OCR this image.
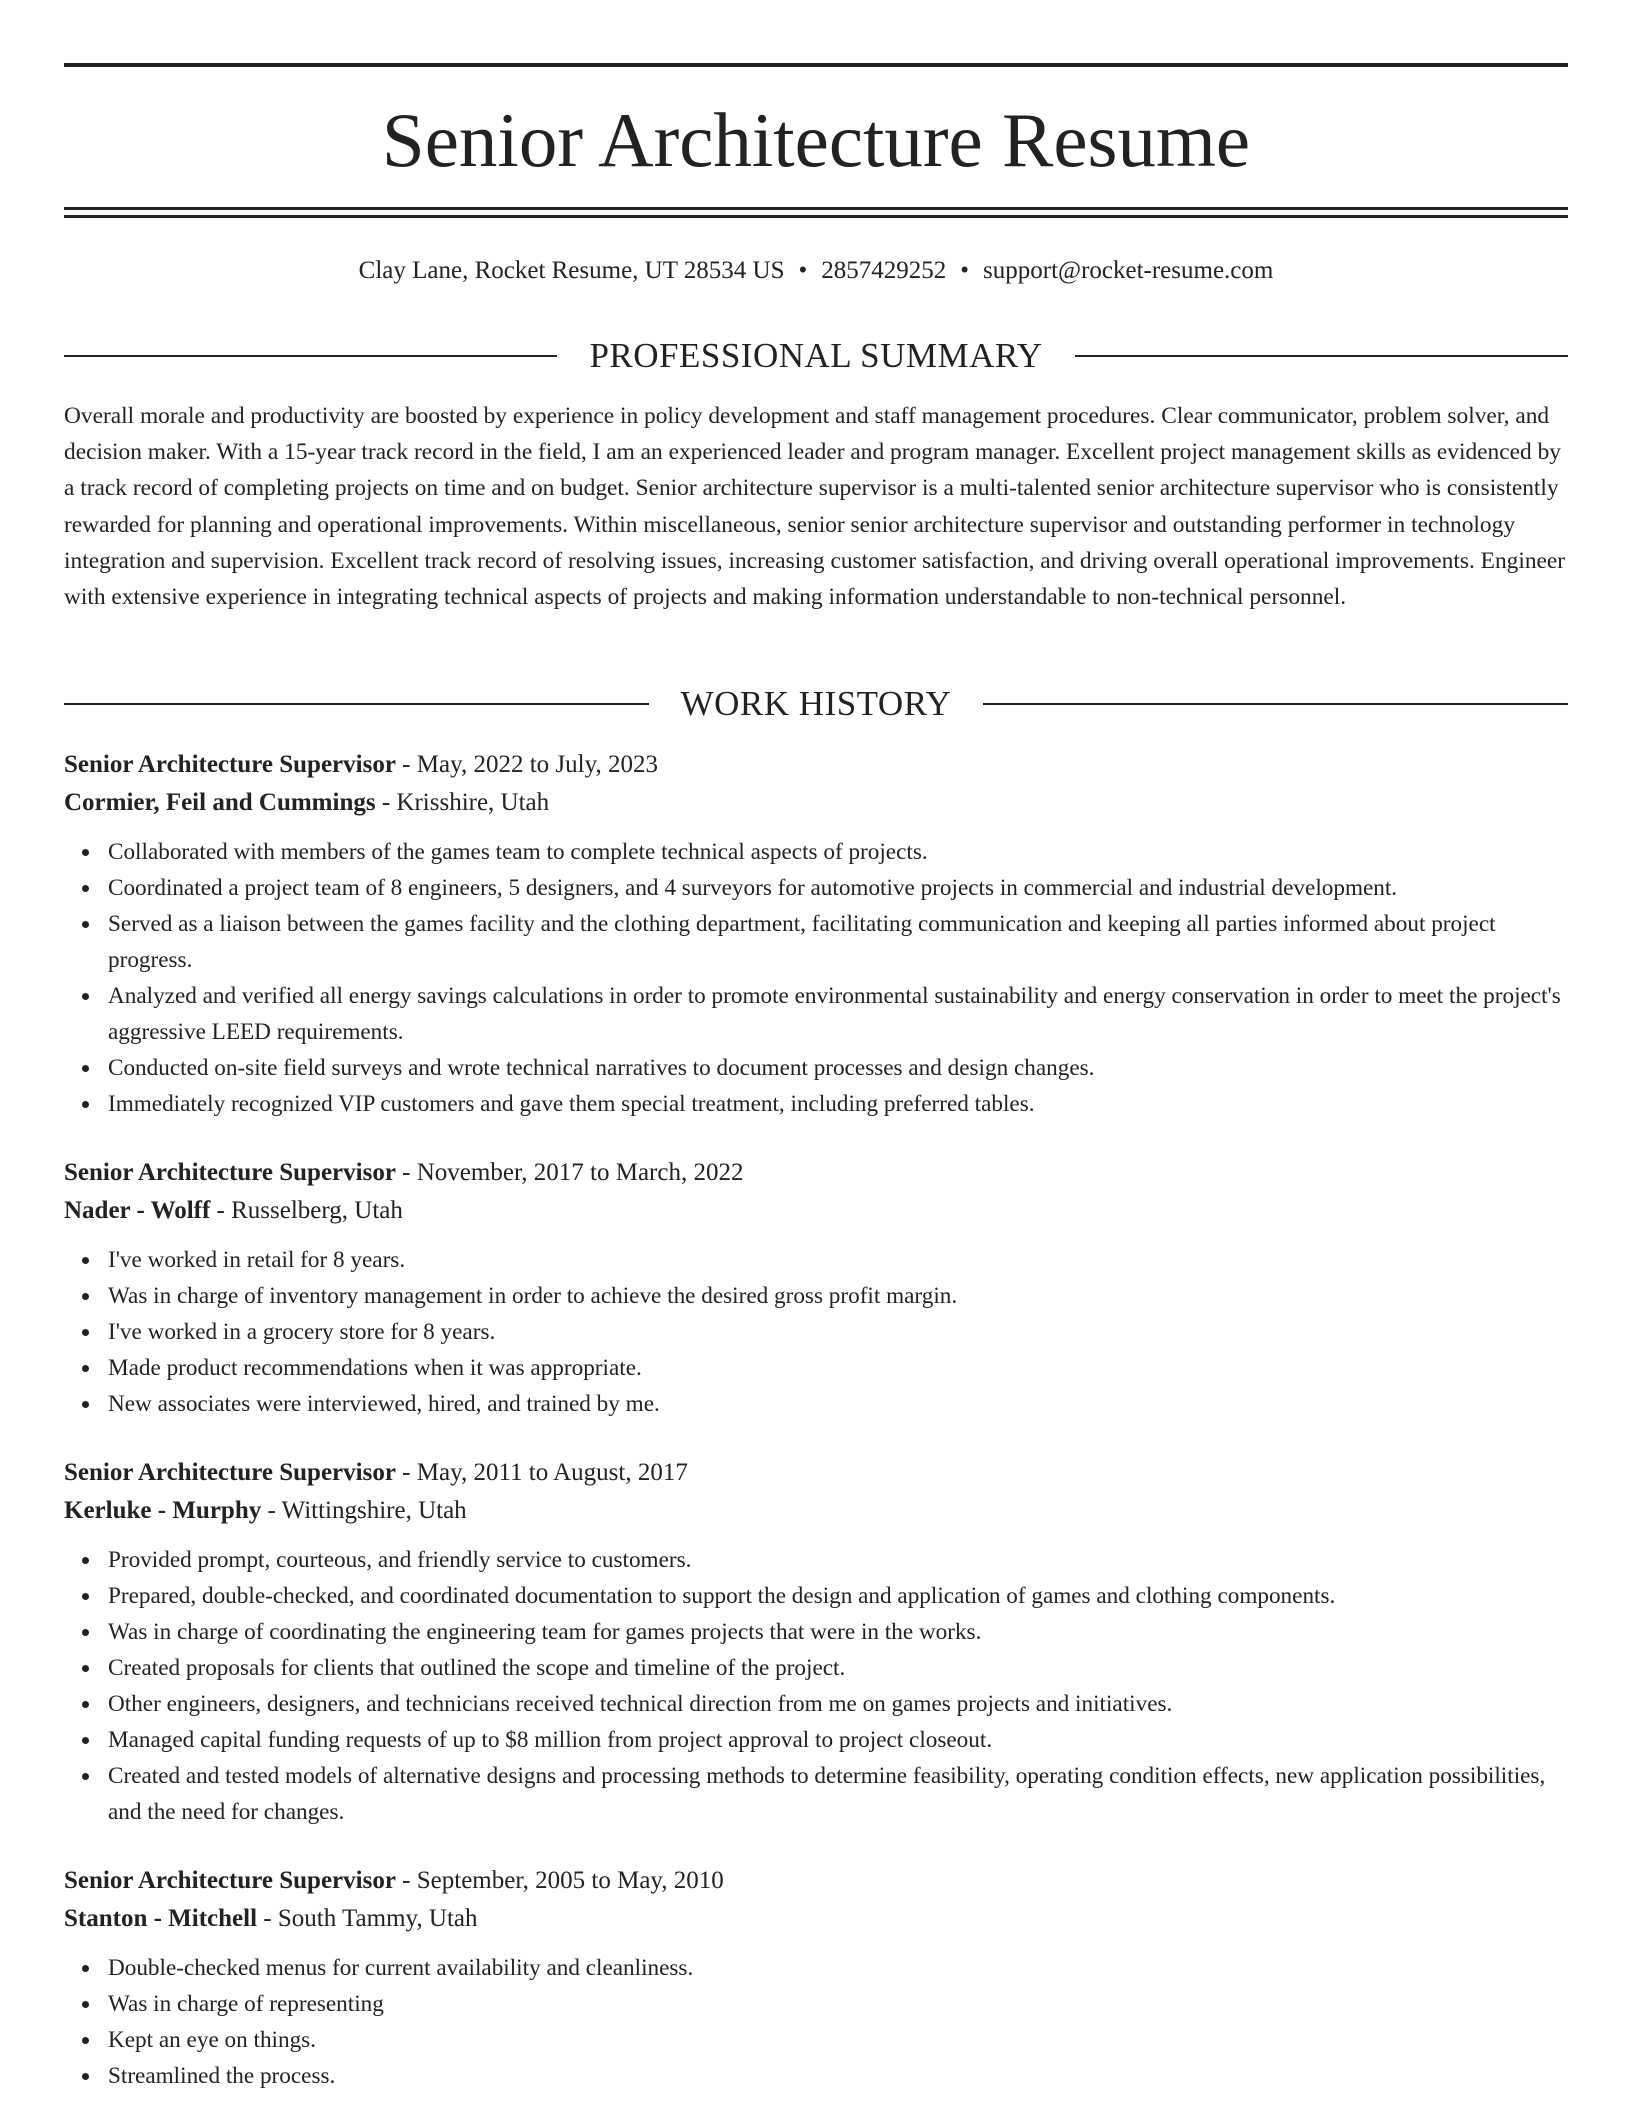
Senior Architecture Resume
Clay Lane, Rocket Resume, UT 28534 US • 2857429252 • support@rocket-resume.com
PROFESSIONAL SUMMARY

Overall morale and productivity are boosted by experience in policy development and staff management procedures. Clear communicator, problem solver, and decision maker. With a 15-year track record in the field, I am an experienced leader and program manager. Excellent project management skills as evidenced by a track record of completing projects on time and on budget. Senior architecture supervisor is a multi-talented senior architecture supervisor who is consistently rewarded for planning and operational improvements. Within miscellaneous, senior senior architecture supervisor and outstanding performer in technology integration and supervision. Excellent track record of resolving issues, increasing customer satisfaction, and driving overall operational improvements. Engineer with extensive experience in integrating technical aspects of projects and making information understandable to non-technical personnel.

WORK HISTORY
Senior Architecture Supervisor - May, 2022 to July, 2023
Cormier, Feil and Cummings - Krisshire, Utah
Collaborated with members of the games team to complete technical aspects of projects.
Coordinated a project team of 8 engineers, 5 designers, and 4 surveyors for automotive projects in commercial and industrial development.
Served as a liaison between the games facility and the clothing department, facilitating communication and keeping all parties informed about project progress.
Analyzed and verified all energy savings calculations in order to promote environmental sustainability and energy conservation in order to meet the project's aggressive LEED requirements.
Conducted on-site field surveys and wrote technical narratives to document processes and design changes.
Immediately recognized VIP customers and gave them special treatment, including preferred tables.
Senior Architecture Supervisor - November, 2017 to March, 2022
Nader - Wolff - Russelberg, Utah
I've worked in retail for 8 years.
Was in charge of inventory management in order to achieve the desired gross profit margin.
I've worked in a grocery store for 8 years.
Made product recommendations when it was appropriate.
New associates were interviewed, hired, and trained by me.
Senior Architecture Supervisor - May, 2011 to August, 2017
Kerluke - Murphy - Wittingshire, Utah
Provided prompt, courteous, and friendly service to customers.
Prepared, double-checked, and coordinated documentation to support the design and application of games and clothing components.
Was in charge of coordinating the engineering team for games projects that were in the works.
Created proposals for clients that outlined the scope and timeline of the project.
Other engineers, designers, and technicians received technical direction from me on games projects and initiatives.
Managed capital funding requests of up to $8 million from project approval to project closeout.
Created and tested models of alternative designs and processing methods to determine feasibility, operating condition effects, new application possibilities, and the need for changes.
Senior Architecture Supervisor - September, 2005 to May, 2010
Stanton - Mitchell - South Tammy, Utah
Double-checked menus for current availability and cleanliness.
Was in charge of representing
Kept an eye on things.
Streamlined the process.
